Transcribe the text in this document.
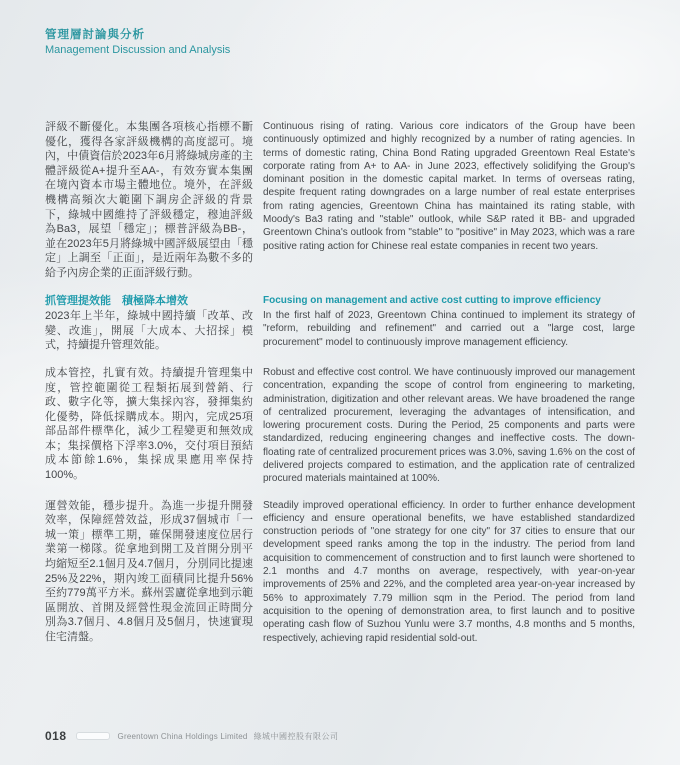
管理層討論與分析
Management Discussion and Analysis

評級不斷優化。本集團各項核心指標不斷優化，獲得各家評級機構的高度認可。境內，中債資信於2023年6月將綠城房產的主體評級從A+提升至AA-，有效夯實本集團在境內資本市場主體地位。境外，在評級機構高頻次大範圍下調房企評級的背景下，綠城中國維持了評級穩定，穆迪評級為Ba3，展望「穩定」；標普評級為BB-，並在2023年5月將綠城中國評級展望由「穩定」上調至「正面」，是近兩年為數不多的給予內房企業的正面評級行動。

Continuous rising of rating. Various core indicators of the Group have been continuously optimized and highly recognized by a number of rating agencies. In terms of domestic rating, China Bond Rating upgraded Greentown Real Estate's corporate rating from A+ to AA- in June 2023, effectively solidifying the Group's dominant position in the domestic capital market. In terms of overseas rating, despite frequent rating downgrades on a large number of real estate enterprises from rating agencies, Greentown China has maintained its rating stable, with Moody's Ba3 rating and "stable" outlook, while S&P rated it BB- and upgraded Greentown China's outlook from "stable" to "positive" in May 2023, which was a rare positive rating action for Chinese real estate companies in recent two years.

抓管理提效能　積極降本增效	Focusing on management and active cost cutting to improve efficiency

2023年上半年，綠城中國持續「改革、改變、改進」，開展「大成本、大招採」模式，持續提升管理效能。

In the first half of 2023, Greentown China continued to implement its strategy of "reform, rebuilding and refinement" and carried out a "large cost, large procurement" model to continuously improve management efficiency.

成本管控，扎實有效。持續提升管理集中度，管控範圍從工程類拓展到營銷、行政、數字化等，擴大集採內容，發揮集約化優勢，降低採購成本。期內，完成25項部品部件標準化，減少工程變更和無效成本；集採價格下浮率3.0%，交付項目預結成本節餘1.6%，集採成果應用率保持100%。

Robust and effective cost control. We have continuously improved our management concentration, expanding the scope of control from engineering to marketing, administration, digitization and other relevant areas. We have broadened the range of centralized procurement, leveraging the advantages of intensification, and lowering procurement costs. During the Period, 25 components and parts were standardized, reducing engineering changes and ineffective costs. The down-floating rate of centralized procurement prices was 3.0%, saving 1.6% on the cost of delivered projects compared to estimation, and the application rate of centralized procured materials maintained at 100%.

運營效能，穩步提升。為進一步提升開發效率，保障經營效益，形成37個城市「一城一策」標準工期，確保開發速度位居行業第一梯隊。從拿地到開工及首開分別平均縮短至2.1個月及4.7個月，分別同比提速25%及22%，期內竣工面積同比提升56%至約779萬平方米。蘇州雲廬從拿地到示範區開放、首開及經營性現金流回正時間分別為3.7個月、4.8個月及5個月，快速實現住宅清盤。

Steadily improved operational efficiency. In order to further enhance development efficiency and ensure operational benefits, we have established standardized construction periods of "one strategy for one city" for 37 cities to ensure that our development speed ranks among the top in the industry. The period from land acquisition to commencement of construction and to first launch were shortened to 2.1 months and 4.7 months on average, respectively, with year-on-year improvements of 25% and 22%, and the completed area year-on-year increased by 56% to approximately 7.79 million sqm in the Period. The period from land acquisition to the opening of demonstration area, to first launch and to positive operating cash flow of Suzhou Yunlu were 3.7 months, 4.8 months and 5 months, respectively, achieving rapid residential sold-out.

018	Greentown China Holdings Limited 綠城中國控股有限公司
